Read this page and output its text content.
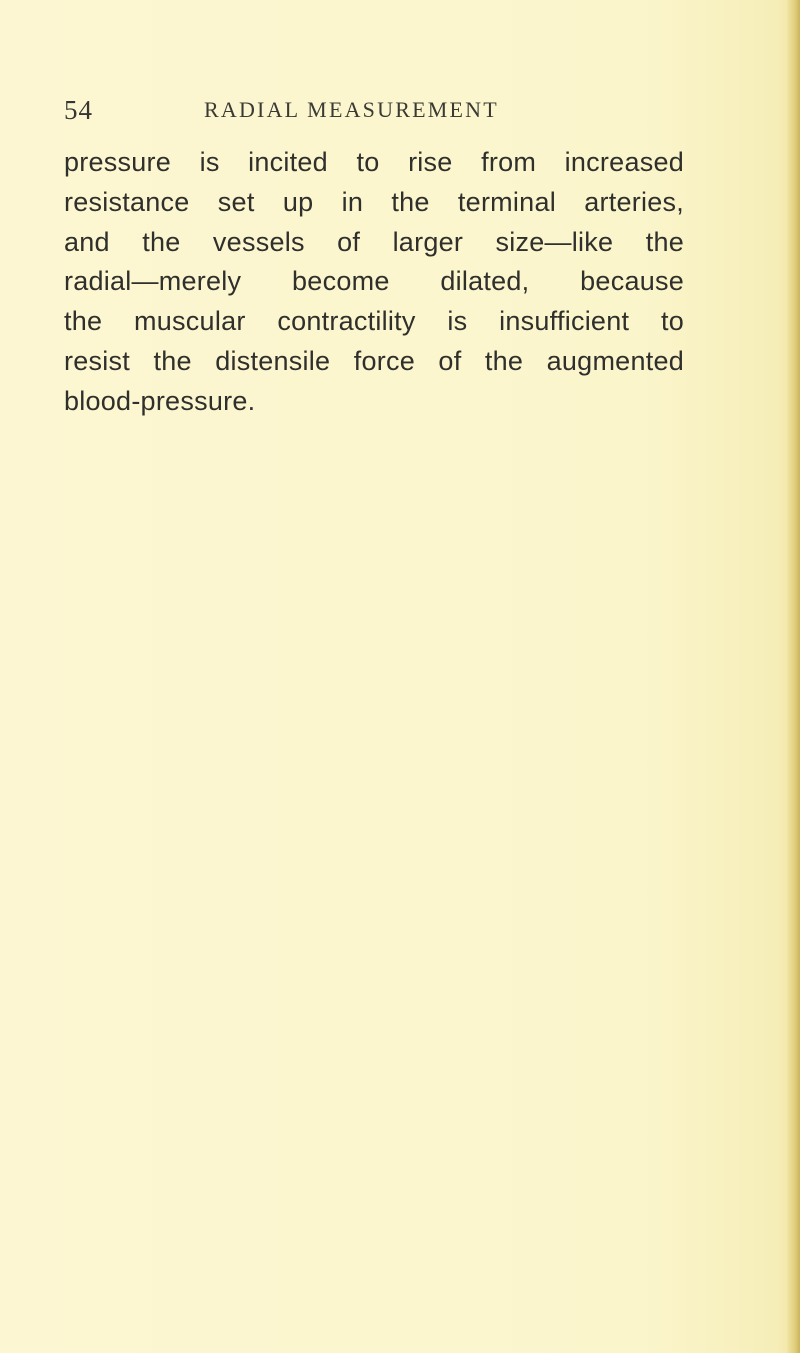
54	RADIAL MEASUREMENT
pressure is incited to rise from increased
resistance set up in the terminal arteries,
and the vessels of larger size—like the
radial—merely become dilated, because
the muscular contractility is insufficient to
resist the distensile force of the augmented
blood-pressure.
